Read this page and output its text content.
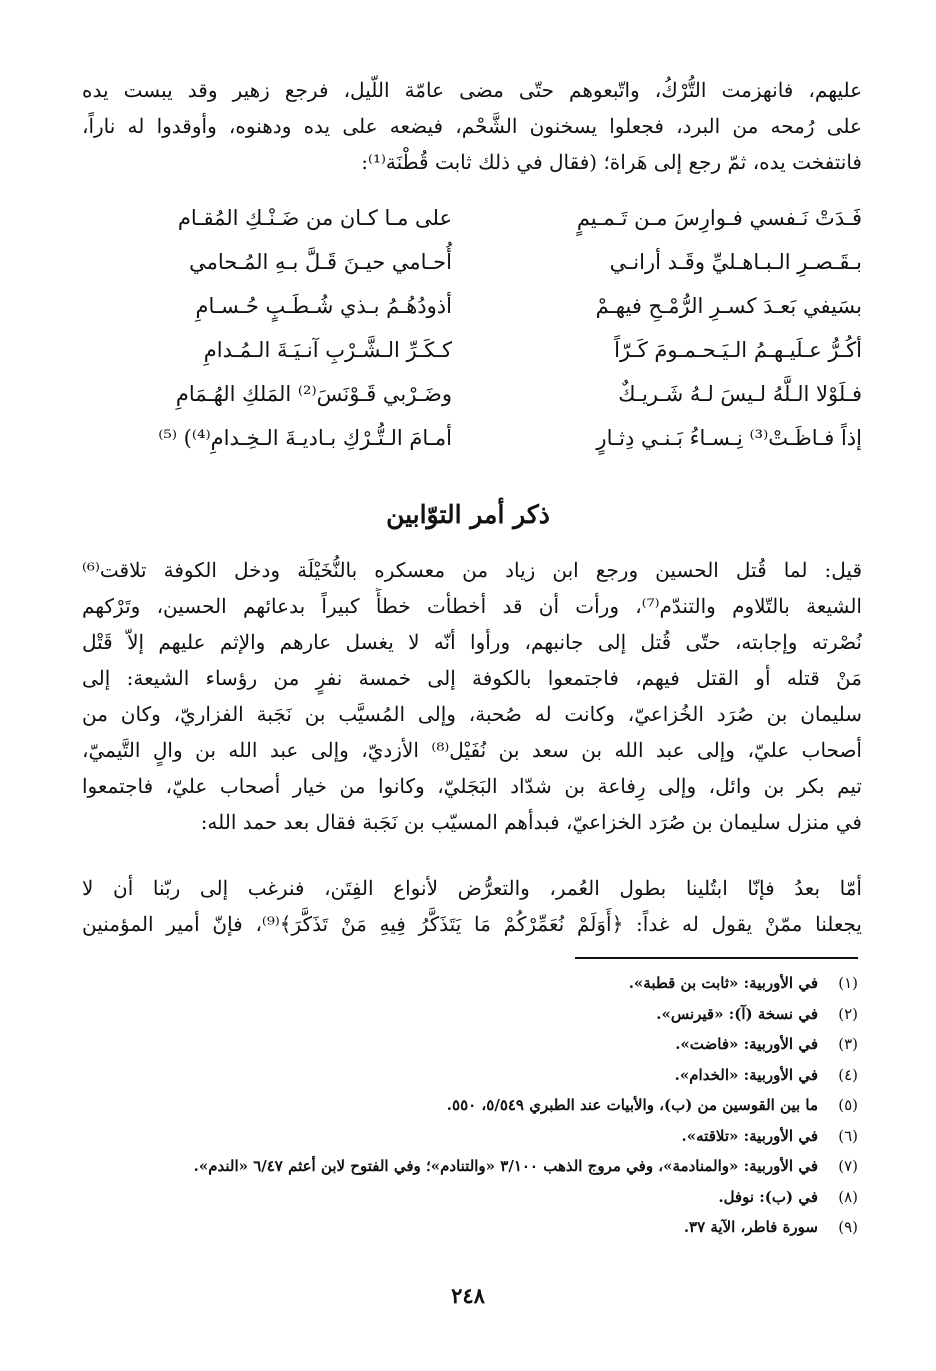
عليهم، فانهزمت التُّرْكُ، واتّبعوهم حتّى مضى عامّة اللّيل، فرجع زهير وقد يبست يده
على رُمحه من البرد، فجعلوا يسخنون الشَّحْم، فيضعه على يده ودهنوه، وأوقدوا له ناراً،
فانتفخت يده، ثمّ رجع إلى هَراة؛ (فقال في ذلك ثابت قُطْنَة⁽¹⁾:
فَـدَتْ نَـفسي فـوارِسَ مـن تَـمـيمٍ
على مـا كـان من ضَـنْـكِ المُقـام
بـقَـصـرِ الـبـاهـليِّ وقَـد أرانـي
أُحـامي حيـنَ قَـلَّ بـهِ المُـحامي
بسَيفي بَعـدَ كسـرِ الرُّمْـحِ فيهـمْ
أذودُهُـمُ بـذي شُـطَـبٍ حُـسـامِ
أكُـرُّ عـلَيـهـمُ الـيَـحـمـومَ كَـرّاً
كـكَـرِّ الـشَّـرْبِ آنـيَـةَ الـمُـدامِ
فـلَوْلا الـلَّهُ لـيسَ لـهُ شَـريـكٌ
وضَـرْبي قَـوْنَسَ⁽²⁾ المَلكِ الهُـمَامِ
إذاً فـاظَـتْ⁽³⁾ نِـسـاءُ بَـنـي دِثـارٍ
أمـامَ الـتُّـرْكِ بـاديـةَ الـخِـدامِ⁽⁴⁾) ⁽⁵⁾
ذكر أمر التوّابين
قيل: لما قُتل الحسين ورجع ابن زياد من معسكره بالنُّخَيْلَة ودخل الكوفة تلاقت⁽⁶⁾
الشيعة بالتّلاوم والتندّم⁽⁷⁾، ورأت أن قد أخطأت خطأً كبيراً بدعائهم الحسين، وتَرْكهم
نُصْرته وإجابته، حتّى قُتل إلى جانبهم، ورأوا أنّه لا يغسل عارهم والإثم عليهم إلاّ قَتْل
مَنْ قتله أو القتل فيهم، فاجتمعوا بالكوفة إلى خمسة نفرٍ من رؤساء الشيعة: إلى
سليمان بن صُرَد الخُزاعيّ، وكانت له صُحبة، وإلى المُسيَّب بن نَجَبة الفزاريّ، وكان من
أصحاب عليّ، وإلى عبد الله بن سعد بن نُفَيْل⁽⁸⁾ الأزديّ، وإلى عبد الله بن والٍ التَّيميّ،
تيم بكر بن وائل، وإلى رِفاعة بن شدّاد البَجَليّ، وكانوا من خيار أصحاب عليّ، فاجتمعوا
في منزل سليمان بن صُرَد الخزاعيّ، فبدأهم المسيّب بن نَجَبة فقال بعد حمد الله:
أمّا بعدُ فإنّا ابتُلينا بطول العُمر، والتعرُّض لأنواع الفِتَن، فنرغب إلى ربّنا أن لا
يجعلنا ممّنْ يقول له غداً: ﴿أَوَلَمْ نُعَمِّرْكُمْ مَا يَتَذَكَّرُ فِيهِ مَنْ تَذَكَّرَ﴾⁽⁹⁾، فإنّ أمير المؤمنين
(١)
في الأوربية: «ثابت بن قطبة».
(٢)
في نسخة (آ): «قيرنس».
(٣)
في الأوربية: «فاضت».
(٤)
في الأوربية: «الخدام».
(٥)
ما بين القوسين من (ب)، والأبيات عند الطبري ٥/٥٤٩، ٥٥٠.
(٦)
في الأوربية: «تلاقته».
(٧)
في الأوربية: «والمنادمة»، وفي مروج الذهب ٣/١٠٠ «والتنادم»؛ وفي الفتوح لابن أعثم ٦/٤٧ «الندم».
(٨)
في (ب): نوفل.
(٩)
سورة فاطر، الآية ٣٧.
٢٤٨
